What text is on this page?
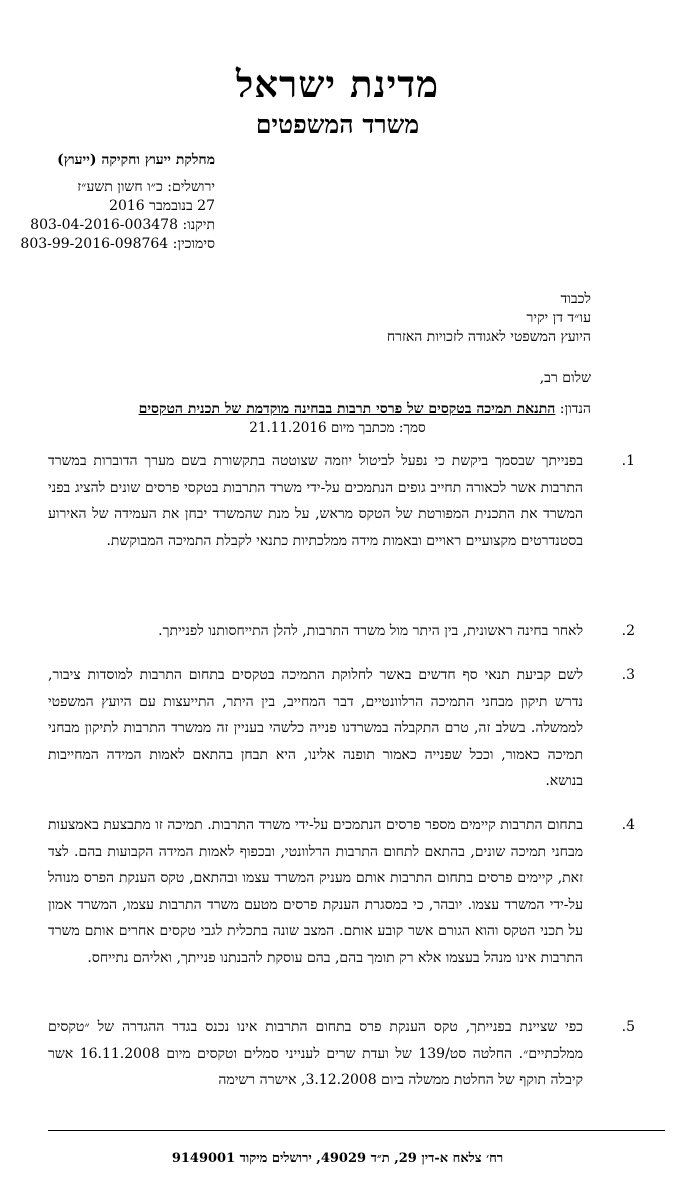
מדינת ישראל
משרד המשפטים
מחלקת ייעוץ וחקיקה (ייעוץ)
ירושלים: כ״ו חשון תשע״ז
27 בנובמבר 2016
תיקנו: 803-04-2016-003478
סימוכין: 803-99-2016-098764
לכבוד
עו״ד דן יקיר
היועץ המשפטי לאגודה לזכויות האזרח
שלום רב,
הנדון: התנאת תמיכה בטקסים של פרסי תרבות בבחינה מוקדמת של תכנית הטקסים
סמך: מכתבך מיום 21.11.2016
1.

בפנייתך שבסמך ביקשת כי נפעל לביטול יוזמה שצוטטה בתקשורת בשם מערך הדוברות במשרד התרבות אשר לכאורה תחייב גופים הנתמכים על-ידי משרד התרבות בטקסי פרסים שונים להציג בפני המשרד את התכנית המפורטת של הטקס מראש, על מנת שהמשרד יבחן את העמידה של האירוע בסטנדרטים מקצועיים ראויים ובאמות מידה ממלכתיות כתנאי לקבלת התמיכה המבוקשת.

2.

לאחר בחינה ראשונית, בין היתר מול משרד התרבות, להלן התייחסותנו לפנייתך.

3.

לשם קביעת תנאי סף חדשים באשר לחלוקת התמיכה בטקסים בתחום התרבות למוסדות ציבור, נדרש תיקון מבחני התמיכה הרלוונטיים, דבר המחייב, בין היתר, התייעצות עם היועץ המשפטי לממשלה. בשלב זה, טרם התקבלה במשרדנו פנייה כלשהי בעניין זה ממשרד התרבות לתיקון מבחני תמיכה כאמור, וככל שפנייה כאמור תופנה אלינו, היא תבחן בהתאם לאמות המידה המחייבות בנושא.

4.

בתחום התרבות קיימים מספר פרסים הנתמכים על-ידי משרד התרבות. תמיכה זו מתבצעת באמצעות מבחני תמיכה שונים, בהתאם לתחום התרבות הרלוונטי, ובכפוף לאמות המידה הקבועות בהם. לצד זאת, קיימים פרסים בתחום התרבות אותם מעניק המשרד עצמו ובהתאם, טקס הענקת הפרס מנוהל על-ידי המשרד עצמו. יובהר, כי במסגרת הענקת פרסים מטעם משרד התרבות עצמו, המשרד אמון על תכני הטקס והוא הגורם אשר קובע אותם. המצב שונה בתכלית לגבי טקסים אחרים אותם משרד התרבות אינו מנהל בעצמו אלא רק תומך בהם, בהם עוסקת להבנתנו פנייתך, ואליהם נתייחס.

5.

כפי שציינת בפנייתך, טקס הענקת פרס בתחום התרבות אינו נכנס בגדר ההגדרה של ״טקסים ממלכתיים״. החלטה סט/139 של ועדת שרים לענייני סמלים וטקסים מיום 16.11.2008 אשר קיבלה תוקף של החלטת ממשלה ביום 3.12.2008, אישרה רשימה

רח׳ צלאח א-דין 29, ת״ד 49029, ירושלים מיקוד 9149001
